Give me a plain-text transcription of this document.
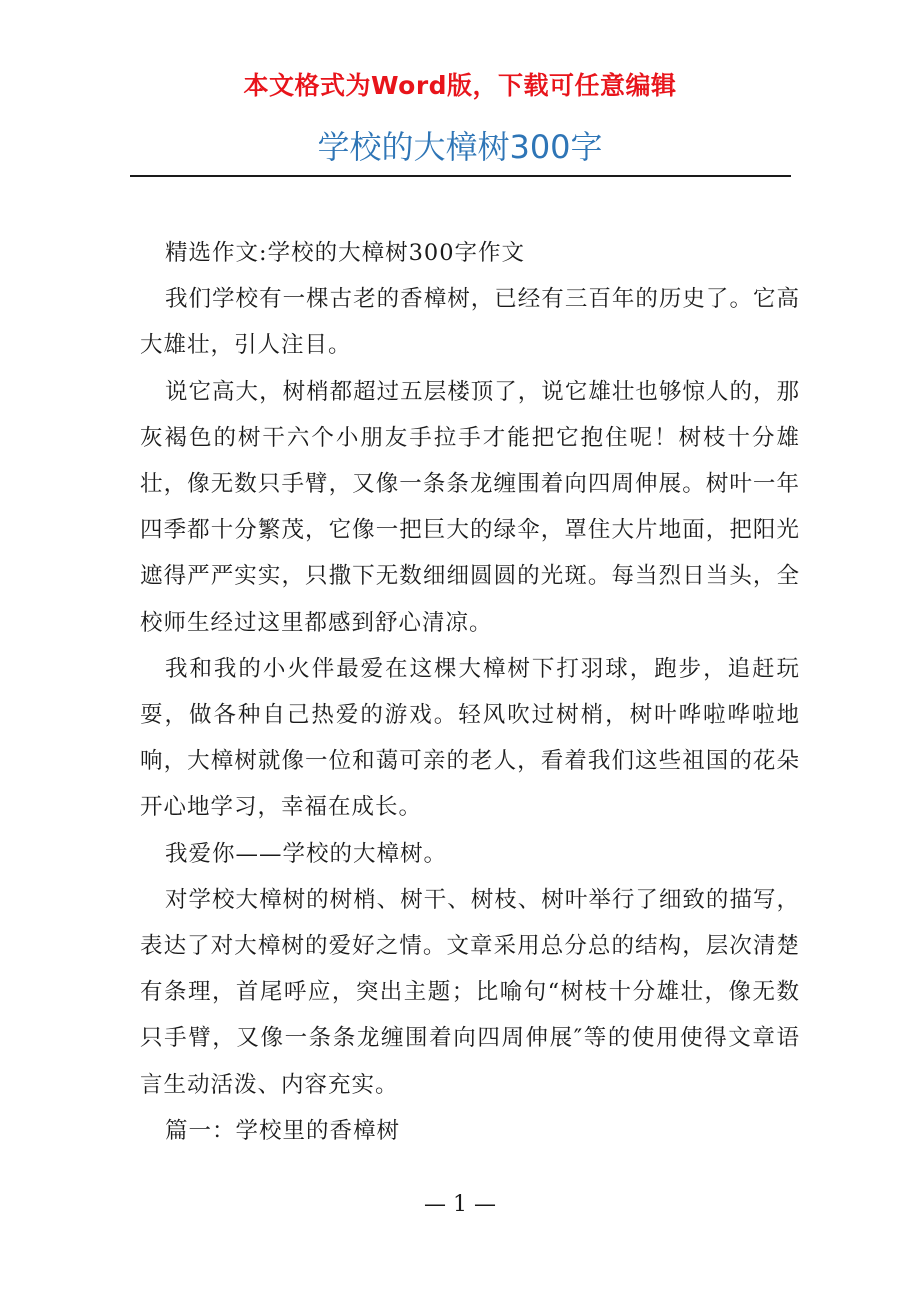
本文格式为Word版，下载可任意编辑
学校的大樟树300字

精选作文:学校的大樟树300字作文

我们学校有一棵古老的香樟树，已经有三百年的历史了。它高大雄壮，引人注目。

说它高大，树梢都超过五层楼顶了，说它雄壮也够惊人的，那灰褐色的树干六个小朋友手拉手才能把它抱住呢！树枝十分雄壮，像无数只手臂，又像一条条龙缠围着向四周伸展。树叶一年四季都十分繁茂，它像一把巨大的绿伞，罩住大片地面，把阳光遮得严严实实，只撒下无数细细圆圆的光斑。每当烈日当头，全校师生经过这里都感到舒心清凉。

我和我的小火伴最爱在这棵大樟树下打羽球，跑步，追赶玩耍，做各种自己热爱的游戏。轻风吹过树梢，树叶哗啦哗啦地响，大樟树就像一位和蔼可亲的老人，看着我们这些祖国的花朵开心地学习，幸福在成长。

我爱你——学校的大樟树。

对学校大樟树的树梢、树干、树枝、树叶举行了细致的描写，表达了对大樟树的爱好之情。文章采用总分总的结构，层次清楚有条理，首尾呼应，突出主题；比喻句“树枝十分雄壮，像无数只手臂，又像一条条龙缠围着向四周伸展″等的使用使得文章语言生动活泼、内容充实。

篇一：学校里的香樟树

— 1 —
